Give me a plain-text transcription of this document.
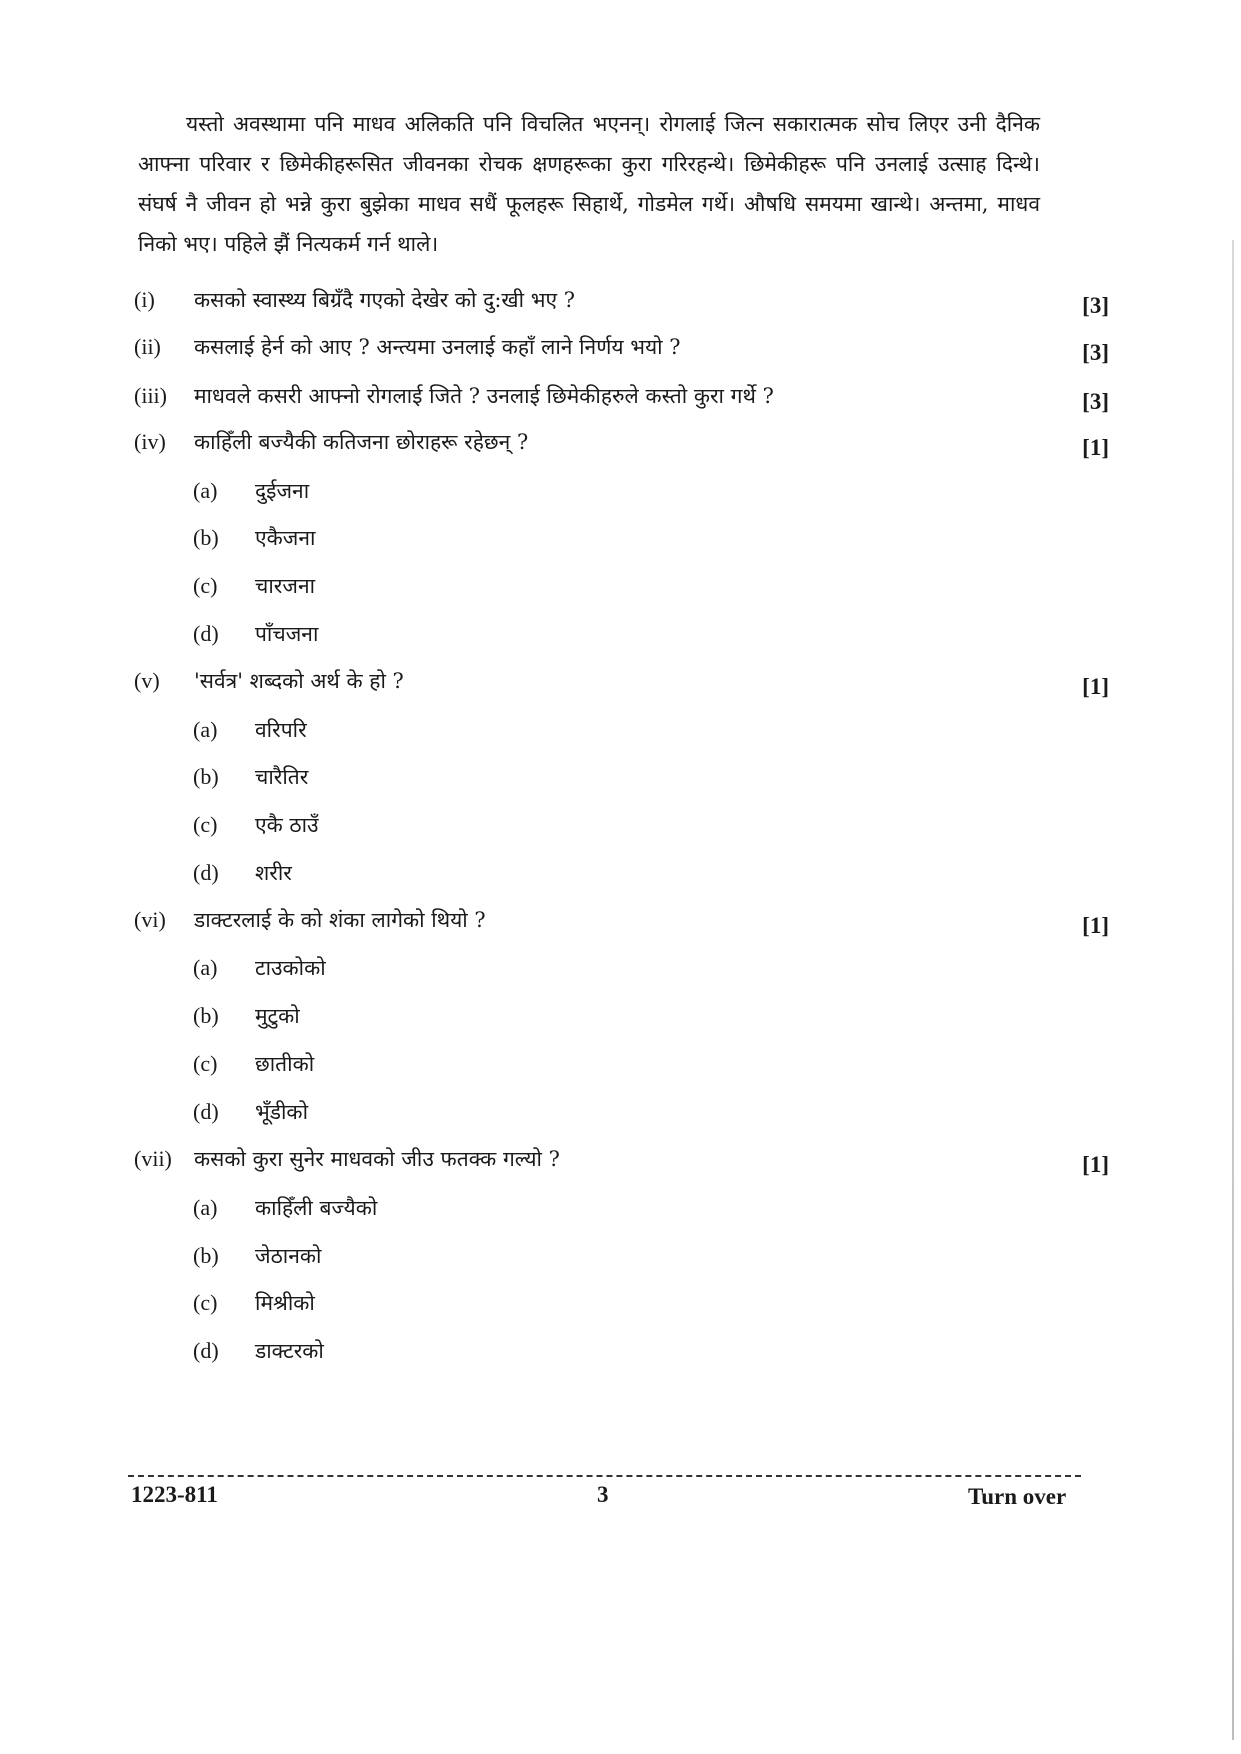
यस्तो अवस्थामा पनि माधव अलिकति पनि विचलित भएनन्। रोगलाई जित्न सकारात्मक सोच लिएर उनी दैनिक आफ्ना परिवार र छिमेकीहरूसित जीवनका रोचक क्षणहरूका कुरा गरिरहन्थे। छिमेकीहरू पनि उनलाई उत्साह दिन्थे। संघर्ष नै जीवन हो भन्ने कुरा बुझेका माधव सधैं फूलहरू सिहार्थे, गोडमेल गर्थे। औषधि समयमा खान्थे। अन्तमा, माधव निको भए। पहिले झैं नित्यकर्म गर्न थाले।

(i) कसको स्वास्थ्य बिग्रँदै गएको देखेर को दु:खी भए ?	[3]
(ii) कसलाई हेर्न को आए ? अन्त्यमा उनलाई कहाँ लाने निर्णय भयो ?	[3]
(iii) माधवले कसरी आफ्नो रोगलाई जिते ? उनलाई छिमेकीहरुले कस्तो कुरा गर्थे ?	[3]
(iv) काहिँली बज्यैकी कतिजना छोराहरू रहेछन् ?	[1]
(a) दुईजना
(b) एकैजना
(c) चारजना
(d) पाँचजना
(v) 'सर्वत्र' शब्दको अर्थ के हो ?	[1]
(a) वरिपरि
(b) चारैतिर
(c) एकै ठाउँ
(d) शरीर
(vi) डाक्टरलाई के को शंका लागेको थियो ?	[1]
(a) टाउकोको
(b) मुटुको
(c) छातीको
(d) भूँडीको
(vii) कसको कुरा सुनेर माधवको जीउ फतक्क गल्यो ?	[1]
(a) काहिँली बज्यैको
(b) जेठानको
(c) मिश्रीको
(d) डाक्टरको
1223-811	3	Turn over
